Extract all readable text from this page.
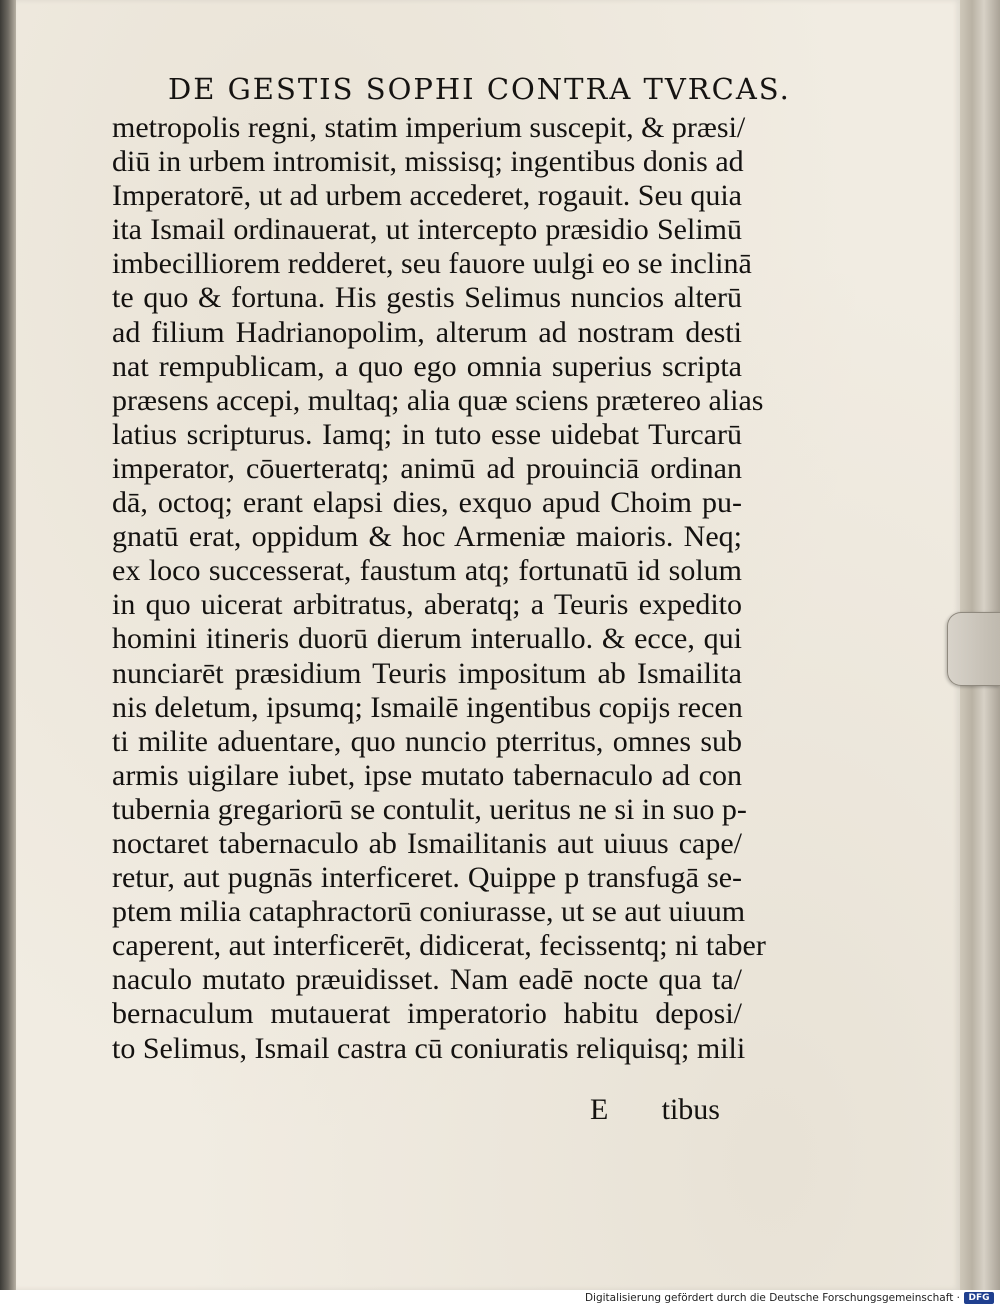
DE GESTIS SOPHI CONTRA TVRCAS.
metropolis regni, statim imperium suscepit, & præsi/
diū in urbem intromisit, missisq; ingentibus donis ad
Imperatorē, ut ad urbem accederet, rogauit. Seu quia
ita Ismail ordinauerat, ut intercepto præsidio Selimū
imbecilliorem redderet, seu fauore uulgi eo se inclinā
te quo & fortuna. His gestis Selimus nuncios alterū
ad filium Hadrianopolim, alterum ad nostram desti
nat rempublicam, a quo ego omnia superius scripta
præsens accepi, multaq; alia quæ sciens prætereo alias
latius scripturus. Iamq; in tuto esse uidebat Turcarū
imperator, cōuerteratq; animū ad prouinciā ordinan
dā, octoq; erant elapsi dies, exquo apud Choim pu-
gnatū erat, oppidum & hoc Armeniæ maioris. Neq;
ex loco successerat, faustum atq; fortunatū id solum
in quo uicerat arbitratus, aberatq; a Teuris expedito
homini itineris duorū dierum interuallo. & ecce, qui
nunciarēt præsidium Teuris impositum ab Ismailita
nis deletum, ipsumq; Ismailē ingentibus copijs recen
ti milite aduentare, quo nuncio pterritus, omnes sub
armis uigilare iubet, ipse mutato tabernaculo ad con
tubernia gregariorū se contulit, ueritus ne si in suo p-
noctaret tabernaculo ab Ismailitanis aut uiuus cape/
retur, aut pugnās interficeret. Quippe p transfugā se-
ptem milia cataphractorū coniurasse, ut se aut uiuum
caperent, aut interficerēt, didicerat, fecissentq; ni taber
naculo mutato præuidisset. Nam eadē nocte qua ta/
bernaculum mutauerat imperatorio habitu deposi/
to Selimus, Ismail castra cū coniuratis reliquisq; mili
E tibus
Digitalisierung gefördert durch die Deutsche Forschungsgemeinschaft · DFG
